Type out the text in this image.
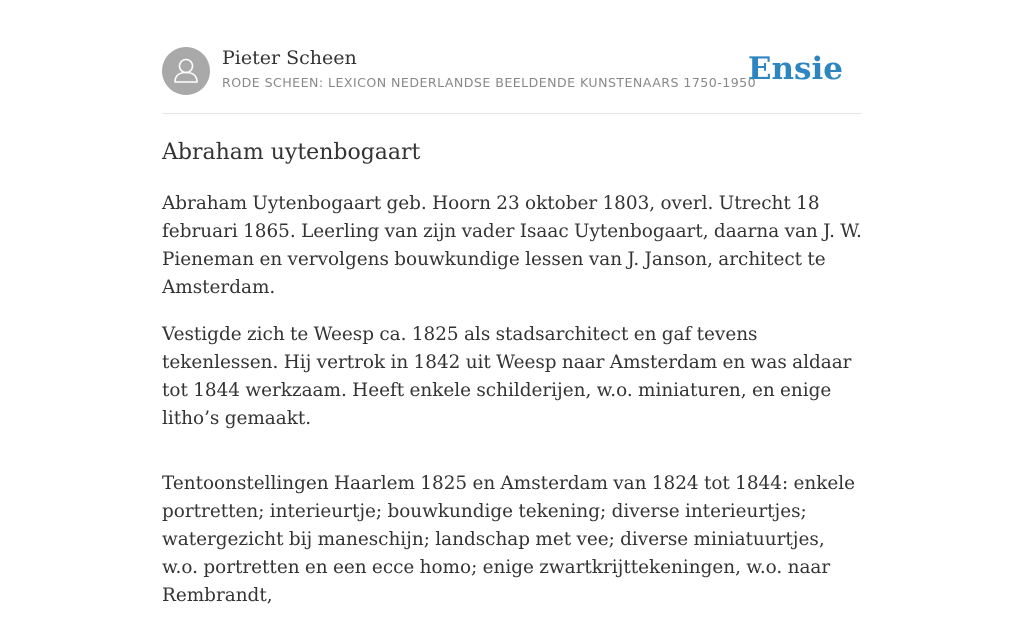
Pieter Scheen
RODE SCHEEN: LEXICON NEDERLANDSE BEELDENDE KUNSTENAARS 1750-1950
Ensie
Abraham uytenbogaart

Abraham Uytenbogaart geb. Hoorn 23 oktober 1803, overl. Utrecht 18 februari 1865. Leerling van zijn vader Isaac Uytenbogaart, daarna van J. W. Pieneman en vervolgens bouwkundige lessen van J. Janson, architect te Amsterdam.

Vestigde zich te Weesp ca. 1825 als stadsarchitect en gaf tevens tekenlessen. Hij vertrok in 1842 uit Weesp naar Amsterdam en was aldaar tot 1844 werkzaam. Heeft enkele schilderijen, w.o. miniaturen, en enige litho’s gemaakt.

Tentoonstellingen Haarlem 1825 en Amsterdam van 1824 tot 1844: enkele portretten; interieurtje; bouwkundige tekening; diverse interieurtjes; watergezicht bij maneschijn; landschap met vee; diverse miniatuurtjes, w.o. portretten en een ecce homo; enige zwartkrijttekeningen, w.o. naar Rembrandt,
